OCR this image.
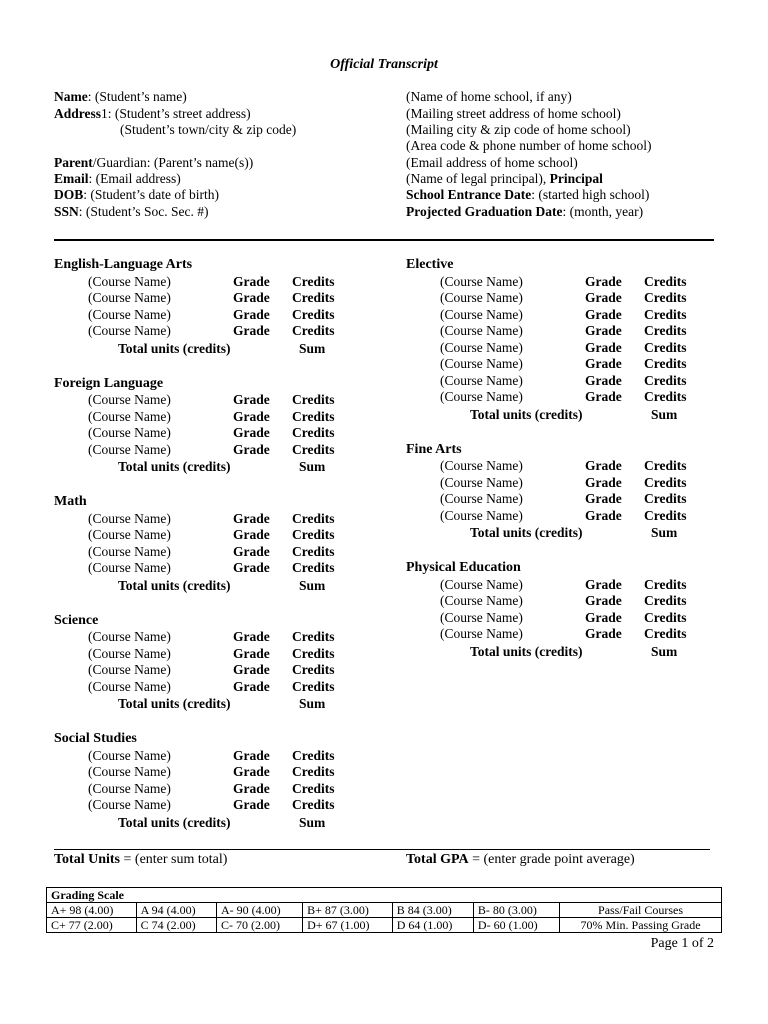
Official Transcript
Name: (Student’s name)
Address1: (Student’s street address)
(Student’s town/city & zip code)
Parent/Guardian: (Parent’s name(s))
Email: (Email address)
DOB: (Student’s date of birth)
SSN: (Student’s Soc. Sec. #)
(Name of home school, if any)
(Mailing street address of home school)
(Mailing city & zip code of home school)
(Area code & phone number of home school)
(Email address of home school)
(Name of legal principal), Principal
School Entrance Date: (started high school)
Projected Graduation Date: (month, year)
English-Language Arts
(Course Name)	Grade Credits
(Course Name)	Grade Credits
(Course Name)	Grade Credits
(Course Name)	Grade Credits
Total units (credits)	Sum
Foreign Language
(Course Name)	Grade Credits
(Course Name)	Grade Credits
(Course Name)	Grade Credits
(Course Name)	Grade Credits
Total units (credits)	Sum
Math
(Course Name)	Grade Credits
(Course Name)	Grade Credits
(Course Name)	Grade Credits
(Course Name)	Grade Credits
Total units (credits)	Sum
Science
(Course Name)	Grade Credits
(Course Name)	Grade Credits
(Course Name)	Grade Credits
(Course Name)	Grade Credits
Total units (credits)	Sum
Social Studies
(Course Name)	Grade Credits
(Course Name)	Grade Credits
(Course Name)	Grade Credits
(Course Name)	Grade Credits
Total units (credits)	Sum
Elective
(Course Name)	Grade Credits
(Course Name)	Grade Credits
(Course Name)	Grade Credits
(Course Name)	Grade Credits
(Course Name)	Grade Credits
(Course Name)	Grade Credits
(Course Name)	Grade Credits
(Course Name)	Grade Credits
Total units (credits)	Sum
Fine Arts
(Course Name)	Grade Credits
(Course Name)	Grade Credits
(Course Name)	Grade Credits
(Course Name)	Grade Credits
Total units (credits)	Sum
Physical Education
(Course Name)	Grade Credits
(Course Name)	Grade Credits
(Course Name)	Grade Credits
(Course Name)	Grade Credits
Total units (credits)	Sum
Total Units = (enter sum total)	Total GPA = (enter grade point average)
Grading Scale						
A+ 98 (4.00)	A 94 (4.00)	A- 90 (4.00)	B+ 87 (3.00)	B 84 (3.00)	B- 80 (3.00)	Pass/Fail Courses
C+ 77 (2.00)	C 74 (2.00)	C- 70 (2.00)	D+ 67 (1.00)	D 64 (1.00)	D- 60 (1.00)	70% Min. Passing Grade
Page 1 of 2
